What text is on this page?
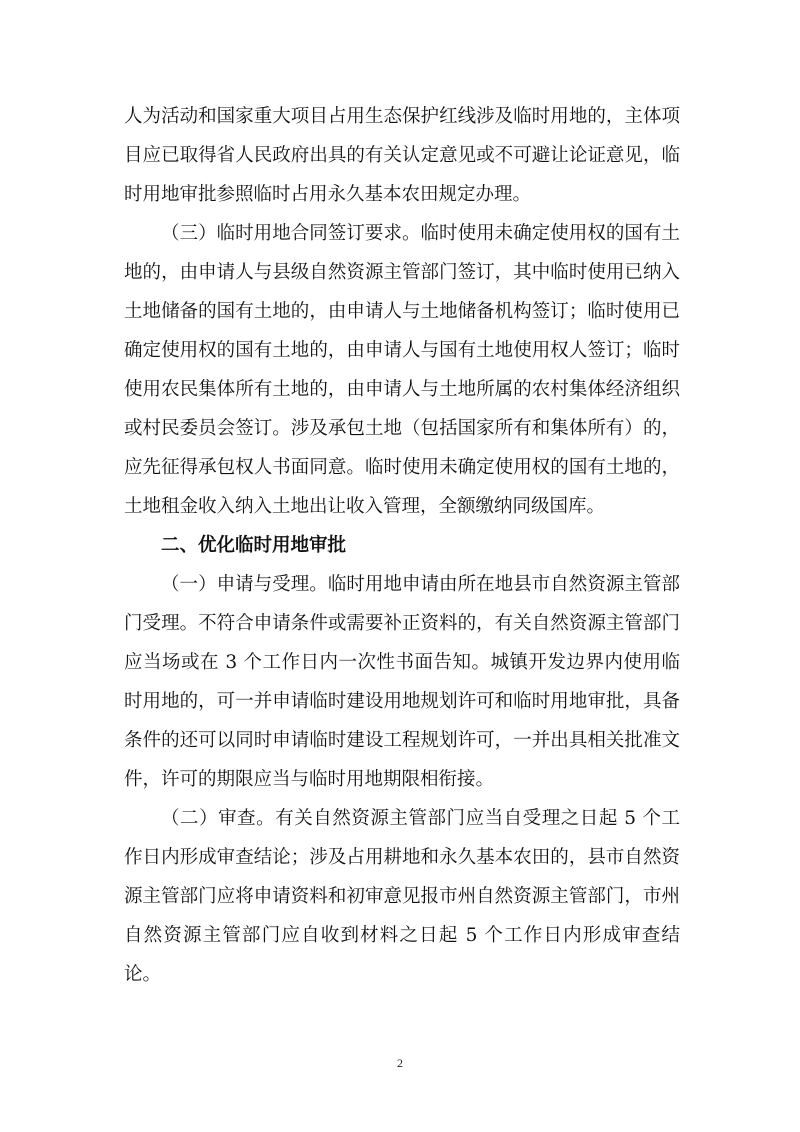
人为活动和国家重大项目占用生态保护红线涉及临时用地的，主体项目应已取得省人民政府出具的有关认定意见或不可避让论证意见，临时用地审批参照临时占用永久基本农田规定办理。

（三）临时用地合同签订要求。临时使用未确定使用权的国有土地的，由申请人与县级自然资源主管部门签订，其中临时使用已纳入土地储备的国有土地的，由申请人与土地储备机构签订；临时使用已确定使用权的国有土地的，由申请人与国有土地使用权人签订；临时使用农民集体所有土地的，由申请人与土地所属的农村集体经济组织或村民委员会签订。涉及承包土地（包括国家所有和集体所有）的，应先征得承包权人书面同意。临时使用未确定使用权的国有土地的，土地租金收入纳入土地出让收入管理，全额缴纳同级国库。

二、优化临时用地审批

（一）申请与受理。临时用地申请由所在地县市自然资源主管部门受理。不符合申请条件或需要补正资料的，有关自然资源主管部门应当场或在 3 个工作日内一次性书面告知。城镇开发边界内使用临时用地的，可一并申请临时建设用地规划许可和临时用地审批，具备条件的还可以同时申请临时建设工程规划许可，一并出具相关批准文件，许可的期限应当与临时用地期限相衔接。

（二）审查。有关自然资源主管部门应当自受理之日起 5 个工作日内形成审查结论；涉及占用耕地和永久基本农田的，县市自然资源主管部门应将申请资料和初审意见报市州自然资源主管部门，市州自然资源主管部门应自收到材料之日起 5 个工作日内形成审查结论。

2
